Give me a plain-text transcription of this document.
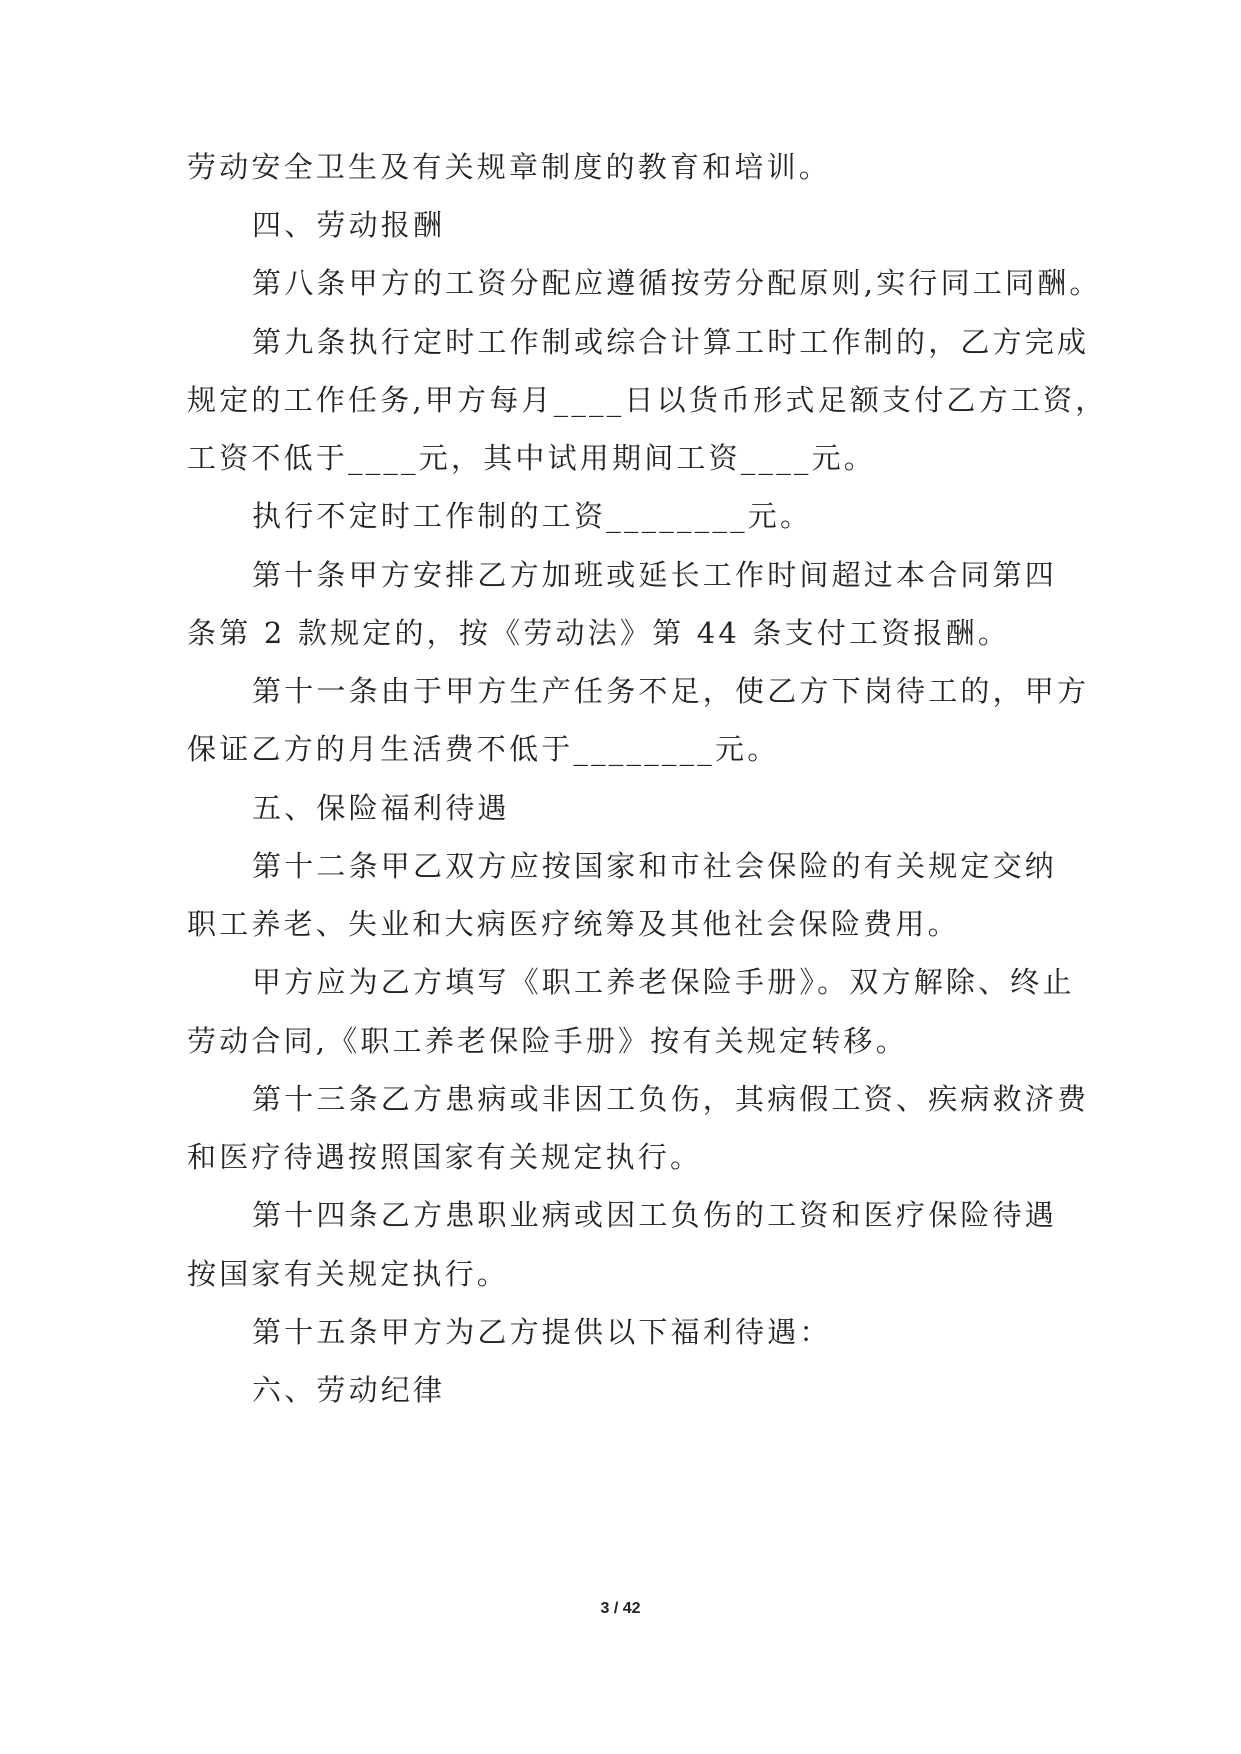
劳动安全卫生及有关规章制度的教育和培训。
四、劳动报酬
第八条甲方的工资分配应遵循按劳分配原则,实行同工同酬。
第九条执行定时工作制或综合计算工时工作制的，乙方完成
规定的工作任务,甲方每月____日以货币形式足额支付乙方工资，
工资不低于____元，其中试用期间工资____元。
执行不定时工作制的工资________元。
第十条甲方安排乙方加班或延长工作时间超过本合同第四
条第 2 款规定的，按《劳动法》第 44 条支付工资报酬。
第十一条由于甲方生产任务不足，使乙方下岗待工的，甲方
保证乙方的月生活费不低于________元。
五、保险福利待遇
第十二条甲乙双方应按国家和市社会保险的有关规定交纳
职工养老、失业和大病医疗统筹及其他社会保险费用。
甲方应为乙方填写《职工养老保险手册》。双方解除、终止
劳动合同,《职工养老保险手册》按有关规定转移。
第十三条乙方患病或非因工负伤，其病假工资、疾病救济费
和医疗待遇按照国家有关规定执行。
第十四条乙方患职业病或因工负伤的工资和医疗保险待遇
按国家有关规定执行。
第十五条甲方为乙方提供以下福利待遇：
六、劳动纪律
3 / 42
